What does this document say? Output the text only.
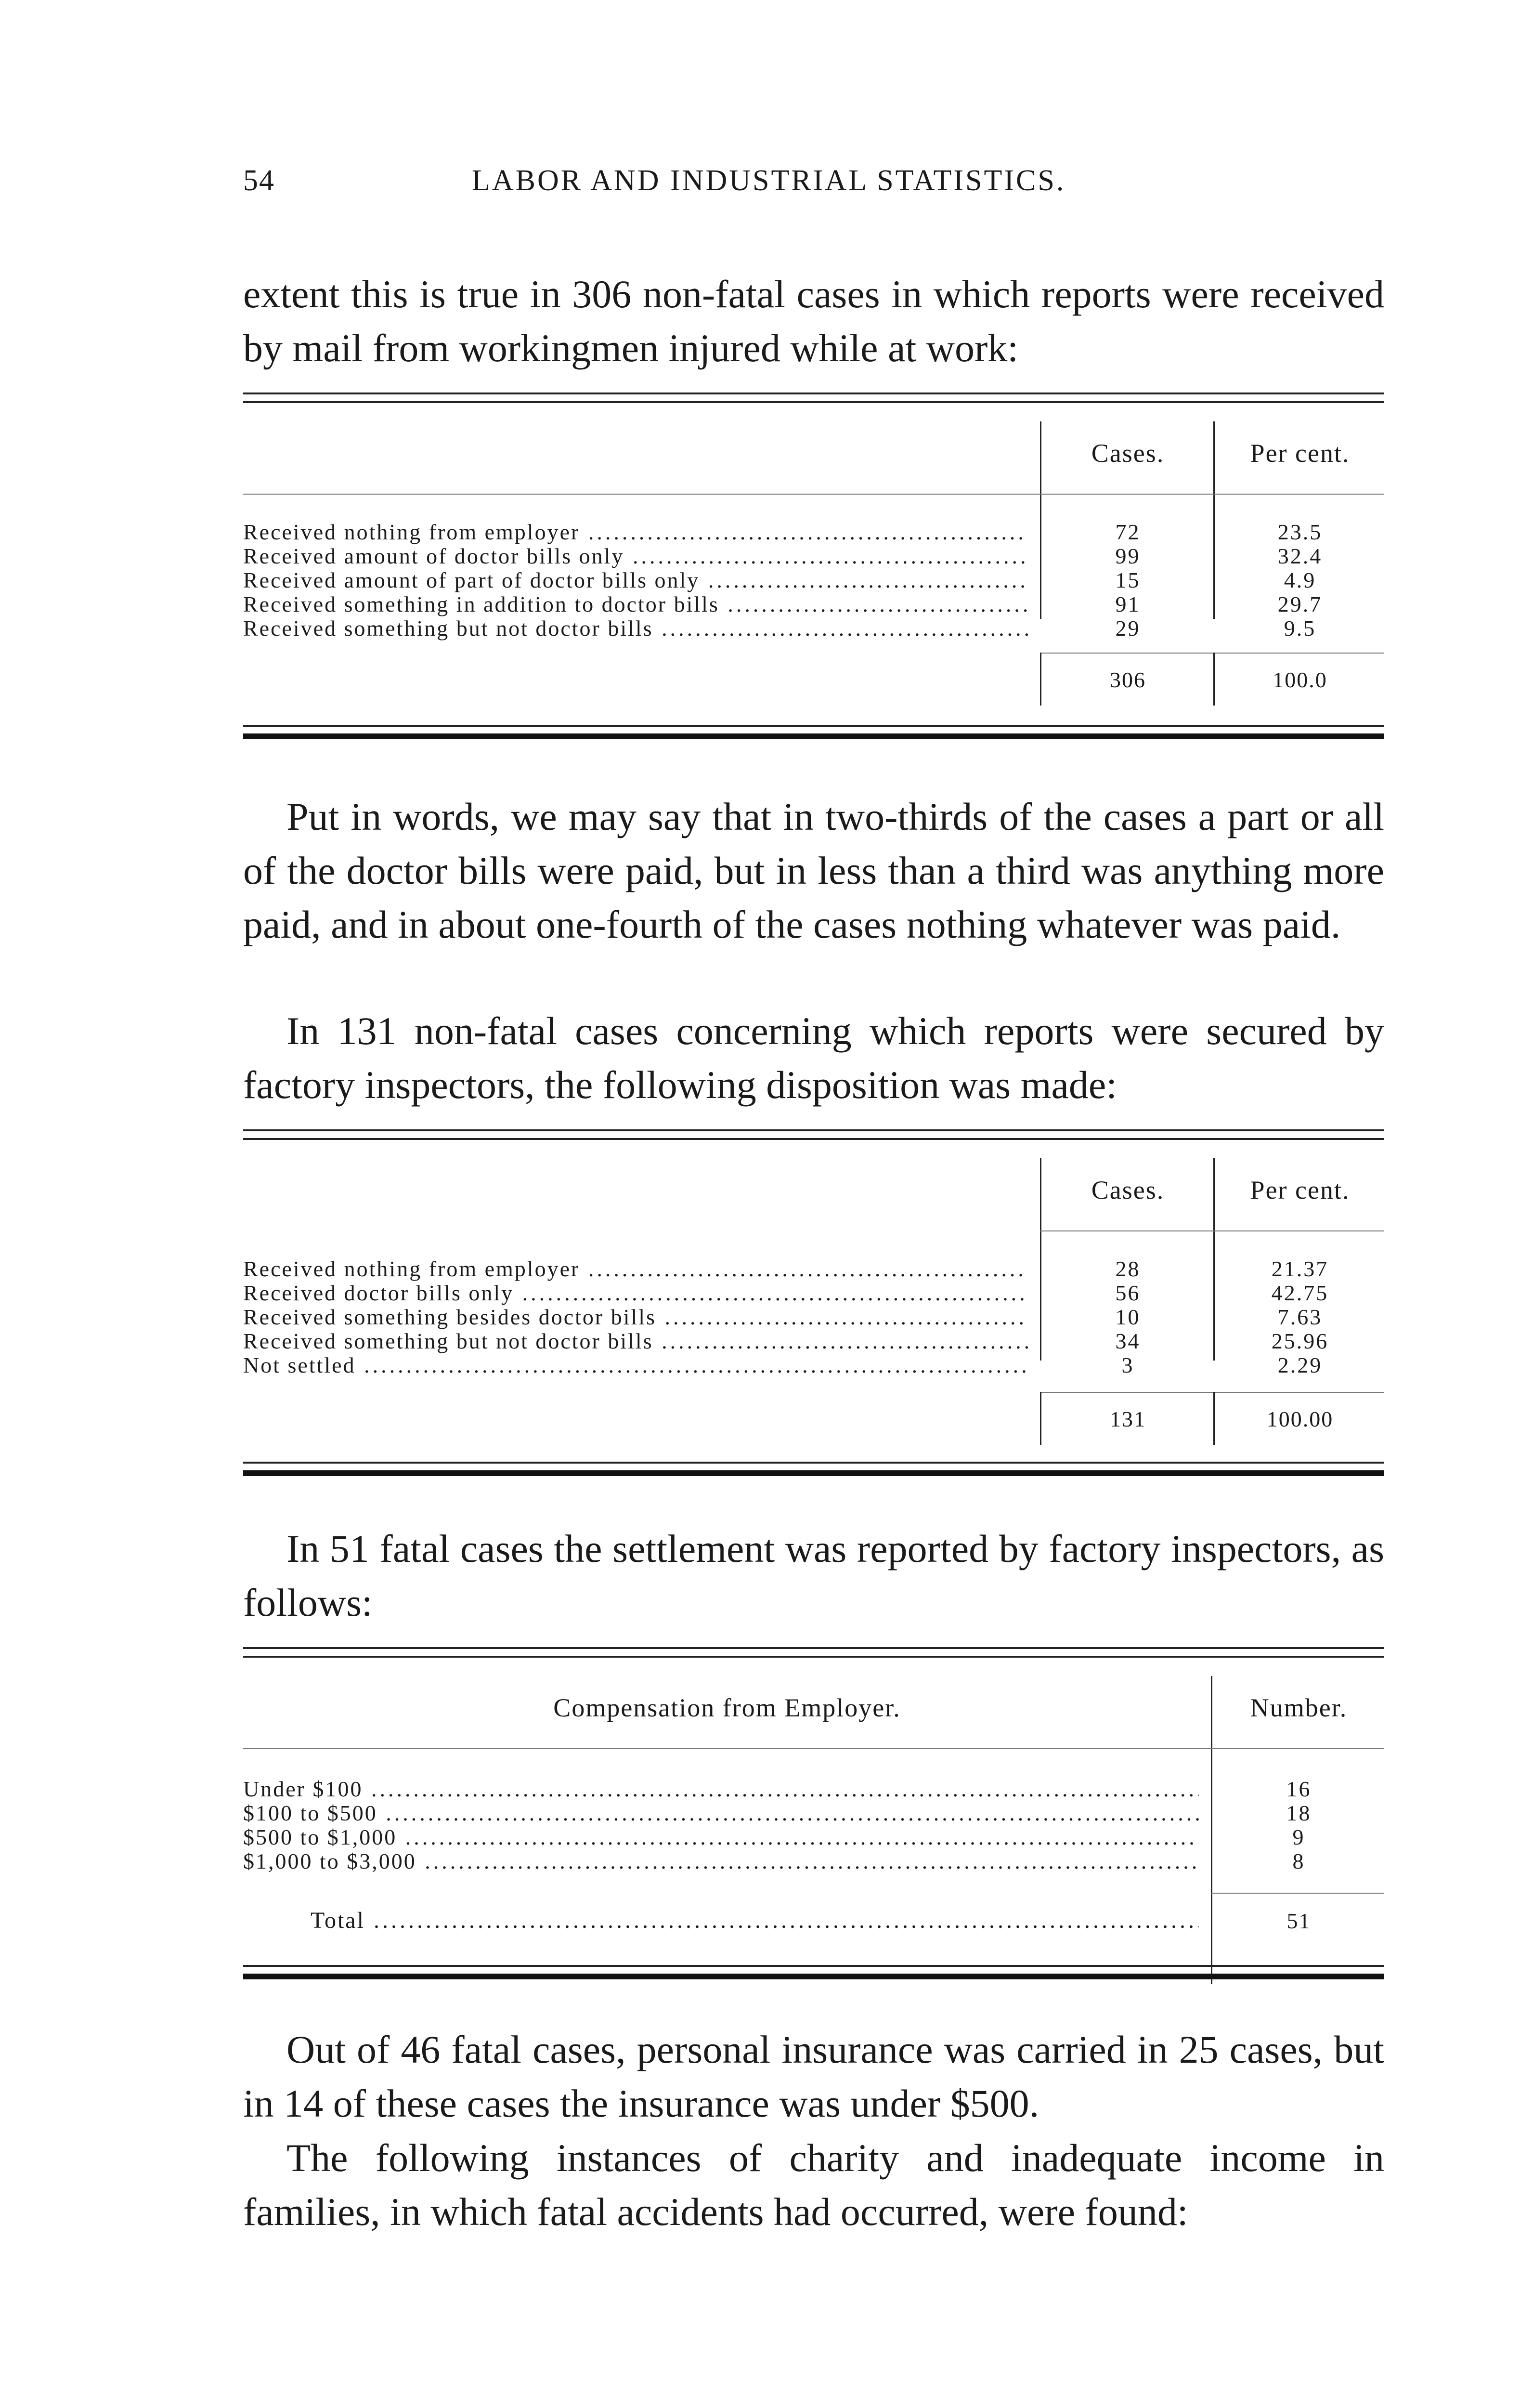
54	LABOR AND INDUSTRIAL STATISTICS.

extent this is true in 306 non-fatal cases in which reports were received by mail from workingmen injured while at work:

Cases.	Per cent.
Received nothing from employer .....	72	23.5
Received amount of doctor bills only .....	99	32.4
Received amount of part of doctor bills only .....	15	4.9
Received something in addition to doctor bills .....	91	29.7
Received something but not doctor bills .....	29	9.5
306	100.0

Put in words, we may say that in two-thirds of the cases a part or all of the doctor bills were paid, but in less than a third was anything more paid, and in about one-fourth of the cases nothing whatever was paid.

In 131 non-fatal cases concerning which reports were secured by factory inspectors, the following disposition was made:

Cases.	Per cent.
Received nothing from employer .....	28	21.37
Received doctor bills only .....	56	42.75
Received something besides doctor bills .....	10	7.63
Received something but not doctor bills .....	34	25.96
Not settled .....	3	2.29
131	100.00

In 51 fatal cases the settlement was reported by factory inspectors, as follows:

Compensation from Employer.	Number.
Under $100 .....	16
$100 to $500 .....	18
$500 to $1,000 .....	9
$1,000 to $3,000 .....	8
Total .....	51

Out of 46 fatal cases, personal insurance was carried in 25 cases, but in 14 of these cases the insurance was under $500.

The following instances of charity and inadequate income in families, in which fatal accidents had occurred, were found:
